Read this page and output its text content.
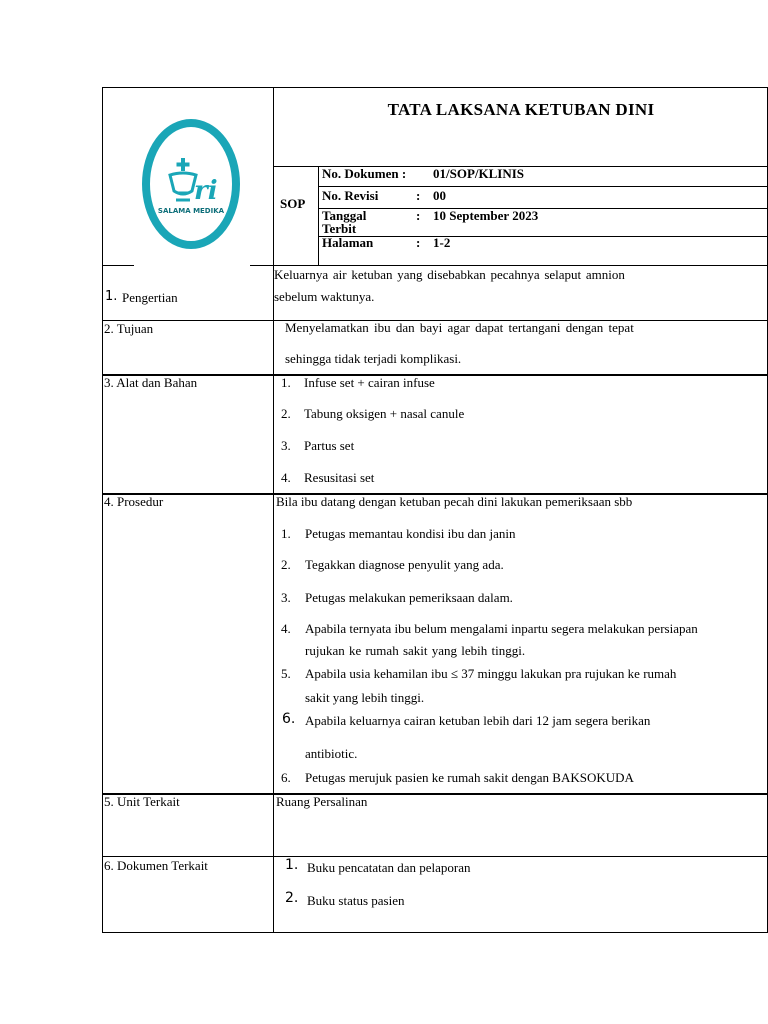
ri
SALAMA MEDIKA
TATA LAKSANA KETUBAN DINI
SOP
No. Dokumen : 01/SOP/KLINIS
No. Revisi	: 00
Tanggal
Terbit
: 10 September 2023
Halaman	: 1-2
1. Pengertian
Keluarnya air ketuban yang disebabkan pecahnya selaput amnion
sebelum waktunya.
2. Tujuan	Menyelamatkan ibu dan bayi agar dapat tertangani dengan tepat
sehingga tidak terjadi komplikasi.
3. Alat dan Bahan	1. Infuse set + cairan infuse
2. Tabung oksigen + nasal canule
3. Partus set
4. Resusitasi set
4. Prosedur	Bila ibu datang dengan ketuban pecah dini lakukan pemeriksaan sbb
1. Petugas memantau kondisi ibu dan janin
2. Tegakkan diagnose penyulit yang ada.
3. Petugas melakukan pemeriksaan dalam.
4. Apabila ternyata ibu belum mengalami inpartu segera melakukan persiapan
rujukan ke rumah sakit yang lebih tinggi.
5. Apabila usia kehamilan ibu ≤ 37 minggu lakukan pra rujukan ke rumah
sakit yang lebih tinggi.
6. Apabila keluarnya cairan ketuban lebih dari 12 jam segera berikan
antibiotic.
6. Petugas merujuk pasien ke rumah sakit dengan BAKSOKUDA
5. Unit Terkait	Ruang Persalinan
6. Dokumen Terkait	1. Buku pencatatan dan pelaporan
2. Buku status pasien
